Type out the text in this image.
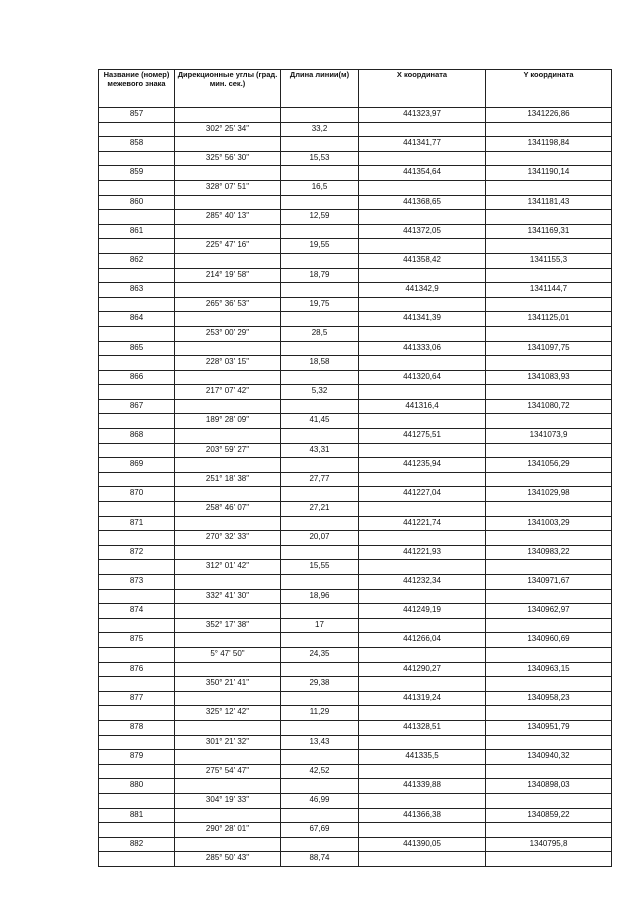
Название (номер) межевого знака	Дирекционные углы (град. мин. сек.)	Длина линии(м)	X координата	Y координата
857			441323,97	1341226,86
	302° 25' 34"	33,2		
858			441341,77	1341198,84
	325° 56' 30"	15,53		
859			441354,64	1341190,14
	328° 07' 51"	16,5		
860			441368,65	1341181,43
	285° 40' 13"	12,59		
861			441372,05	1341169,31
	225° 47' 16"	19,55		
862			441358,42	1341155,3
	214° 19' 58"	18,79		
863			441342,9	1341144,7
	265° 36' 53"	19,75		
864			441341,39	1341125,01
	253° 00' 29"	28,5		
865			441333,06	1341097,75
	228° 03' 15"	18,58		
866			441320,64	1341083,93
	217° 07' 42"	5,32		
867			441316,4	1341080,72
	189° 28' 09"	41,45		
868			441275,51	1341073,9
	203° 59' 27"	43,31		
869			441235,94	1341056,29
	251° 18' 38"	27,77		
870			441227,04	1341029,98
	258° 46' 07"	27,21		
871			441221,74	1341003,29
	270° 32' 33"	20,07		
872			441221,93	1340983,22
	312° 01' 42"	15,55		
873			441232,34	1340971,67
	332° 41' 30"	18,96		
874			441249,19	1340962,97
	352° 17' 38"	17		
875			441266,04	1340960,69
	5° 47' 50"	24,35		
876			441290,27	1340963,15
	350° 21' 41"	29,38		
877			441319,24	1340958,23
	325° 12' 42"	11,29		
878			441328,51	1340951,79
	301° 21' 32"	13,43		
879			441335,5	1340940,32
	275° 54' 47"	42,52		
880			441339,88	1340898,03
	304° 19' 33"	46,99		
881			441366,38	1340859,22
	290° 28' 01"	67,69		
882			441390,05	1340795,8
	285° 50' 43"	88,74		
